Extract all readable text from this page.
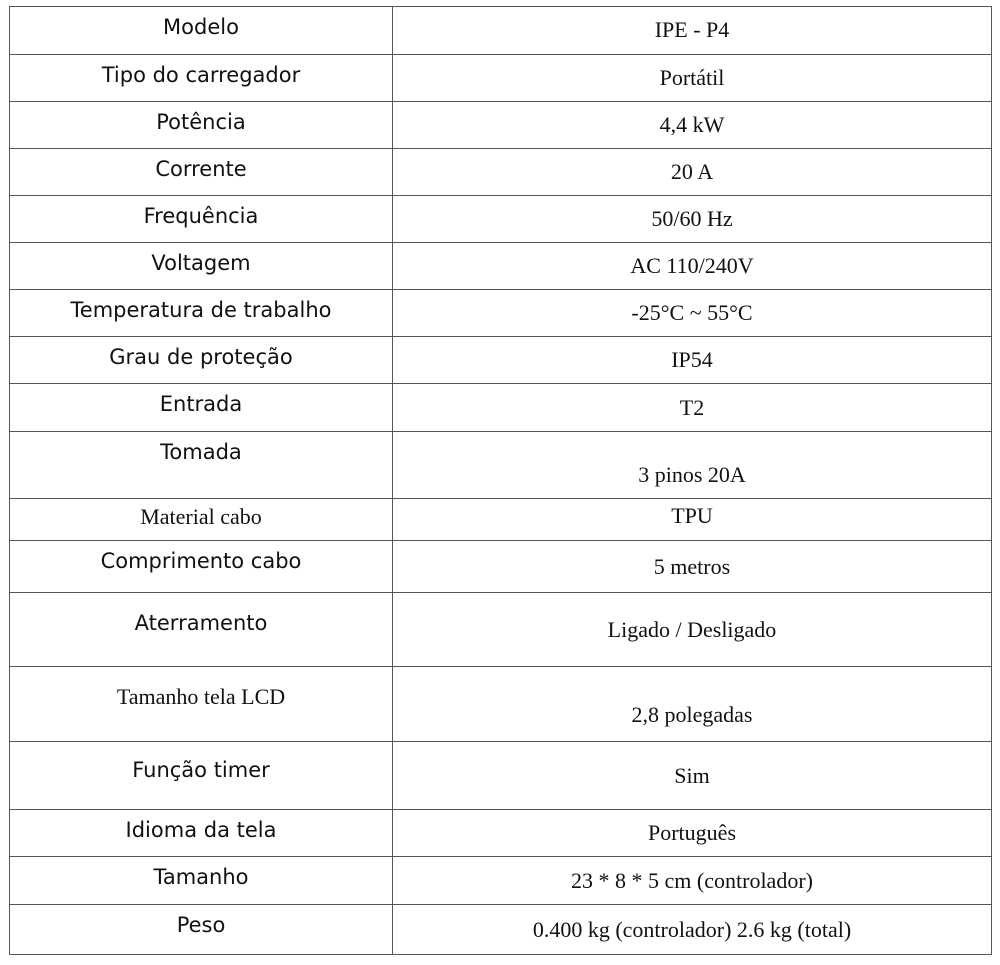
Modelo	IPE - P4
Tipo do carregador	Portátil
Potência	4,4 kW
Corrente	20 A
Frequência	50/60 Hz
Voltagem	AC 110/240V
Temperatura de trabalho	-25°C ~ 55°C
Grau de proteção	IP54
Entrada	T2
Tomada	3 pinos 20A
Material cabo	TPU
Comprimento cabo	5 metros
Aterramento	Ligado / Desligado
Tamanho tela LCD	2,8 polegadas
Função timer	Sim
Idioma da tela	Português
Tamanho	23 * 8 * 5 cm (controlador)
Peso	0.400 kg (controlador) 2.6 kg (total)
